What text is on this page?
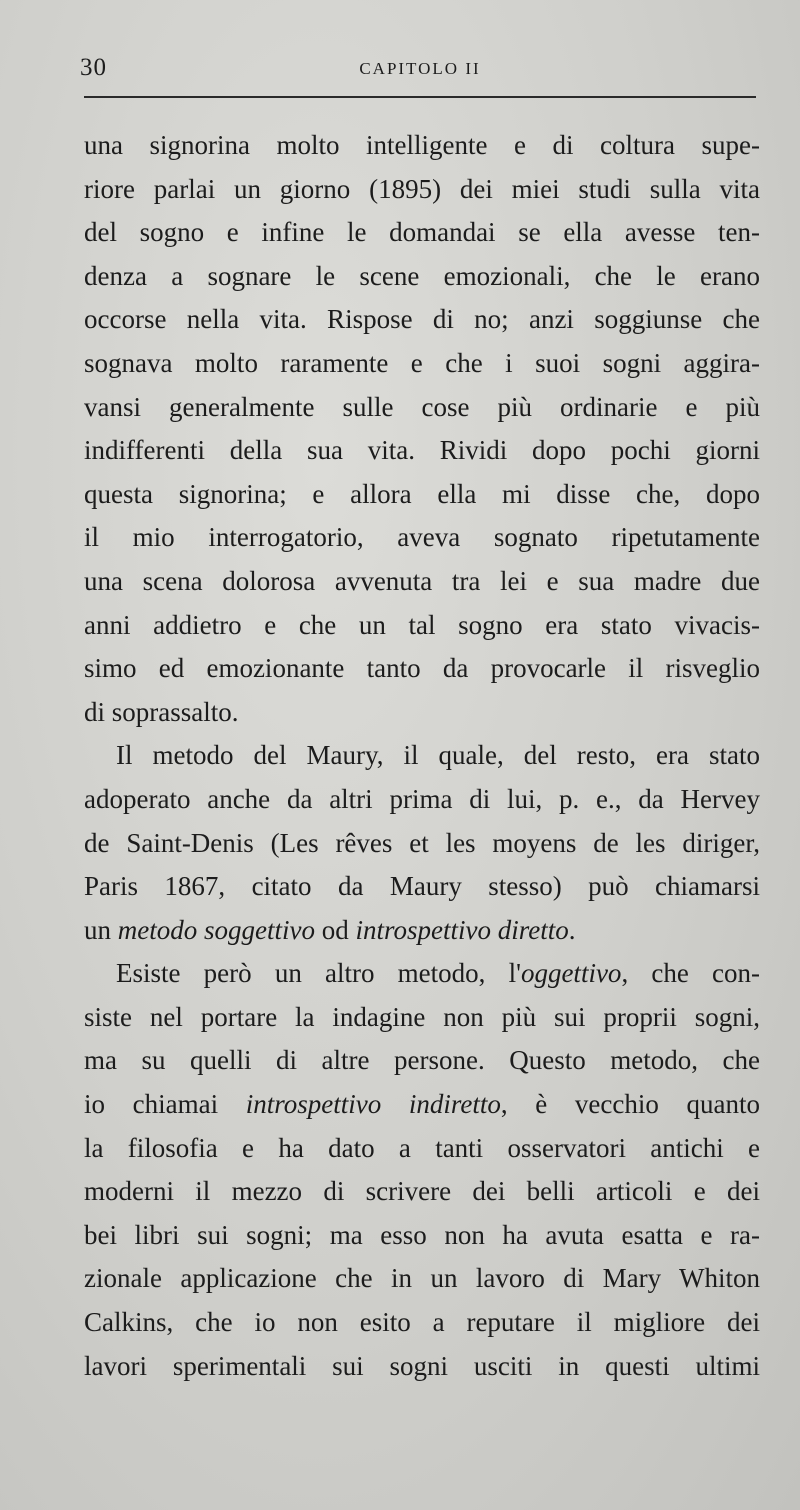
30	CAPITOLO II
una signorina molto intelligente e di coltura supe-
riore parlai un giorno (1895) dei miei studi sulla vita
del sogno e infine le domandai se ella avesse ten-
denza a sognare le scene emozionali, che le erano
occorse nella vita. Rispose di no; anzi soggiunse che
sognava molto raramente e che i suoi sogni aggira-
vansi generalmente sulle cose più ordinarie e più
indifferenti della sua vita. Rividi dopo pochi giorni
questa signorina; e allora ella mi disse che, dopo
il mio interrogatorio, aveva sognato ripetutamente
una scena dolorosa avvenuta tra lei e sua madre due
anni addietro e che un tal sogno era stato vivacis-
simo ed emozionante tanto da provocarle il risveglio
di soprassalto.
Il metodo del Maury, il quale, del resto, era stato
adoperato anche da altri prima di lui, p. e., da Hervey
de Saint-Denis (Les rêves et les moyens de les diriger,
Paris 1867, citato da Maury stesso) può chiamarsi
un metodo soggettivo od introspettivo diretto.
Esiste però un altro metodo, l'oggettivo, che con-
siste nel portare la indagine non più sui proprii sogni,
ma su quelli di altre persone. Questo metodo, che
io chiamai introspettivo indiretto, è vecchio quanto
la filosofia e ha dato a tanti osservatori antichi e
moderni il mezzo di scrivere dei belli articoli e dei
bei libri sui sogni; ma esso non ha avuta esatta e ra-
zionale applicazione che in un lavoro di Mary Whiton
Calkins, che io non esito a reputare il migliore dei
lavori sperimentali sui sogni usciti in questi ultimi
